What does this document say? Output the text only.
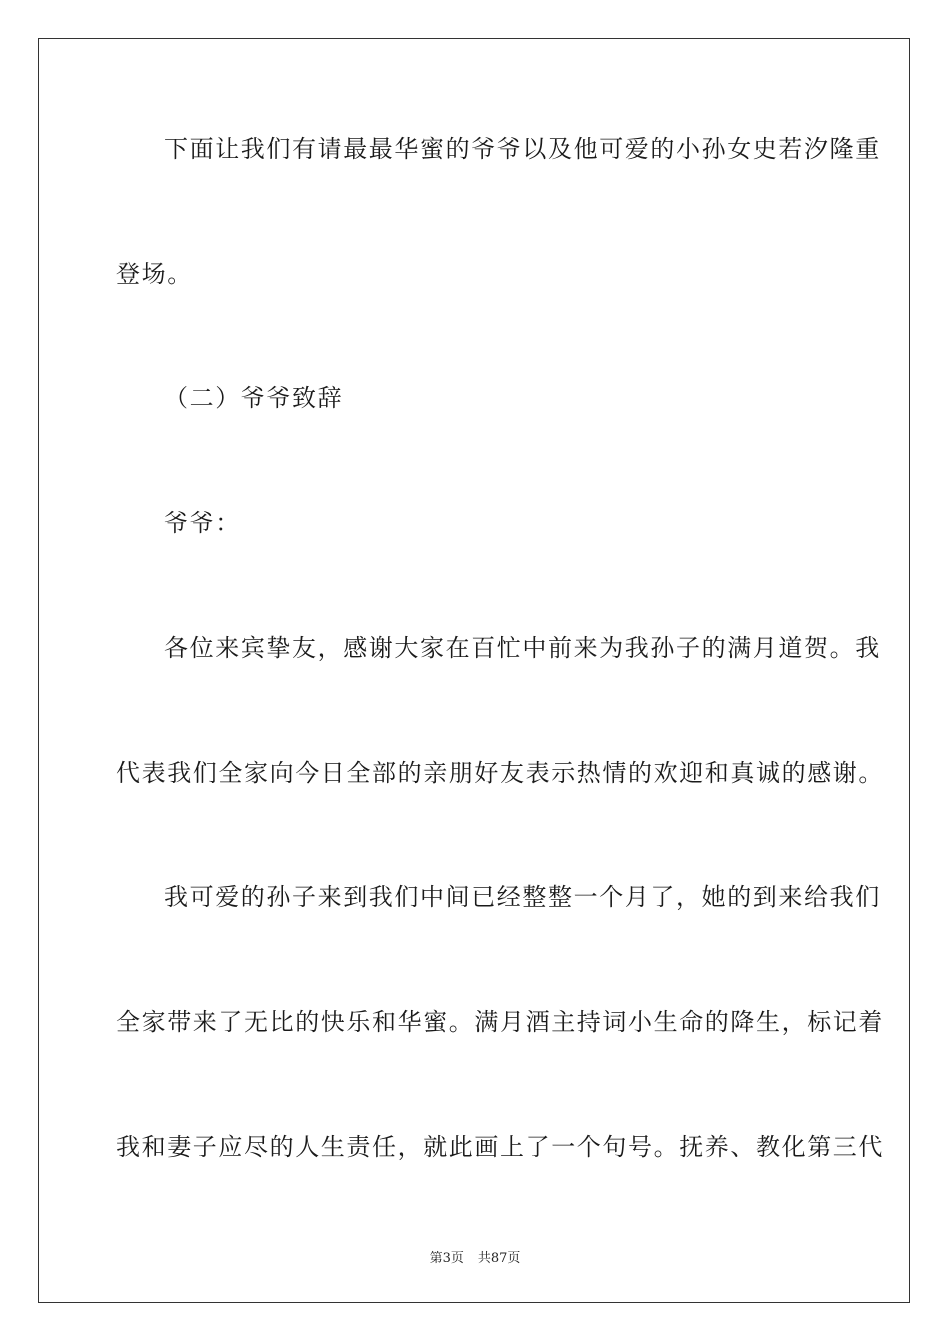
下面让我们有请最最华蜜的爷爷以及他可爱的小孙女史若汐隆重
登场。
（二）爷爷致辞
爷爷：
各位来宾挚友，感谢大家在百忙中前来为我孙子的满月道贺。我
代表我们全家向今日全部的亲朋好友表示热情的欢迎和真诚的感谢。
我可爱的孙子来到我们中间已经整整一个月了，她的到来给我们
全家带来了无比的快乐和华蜜。满月酒主持词小生命的降生，标记着
我和妻子应尽的人生责任，就此画上了一个句号。抚养、教化第三代
第3页 共87页
